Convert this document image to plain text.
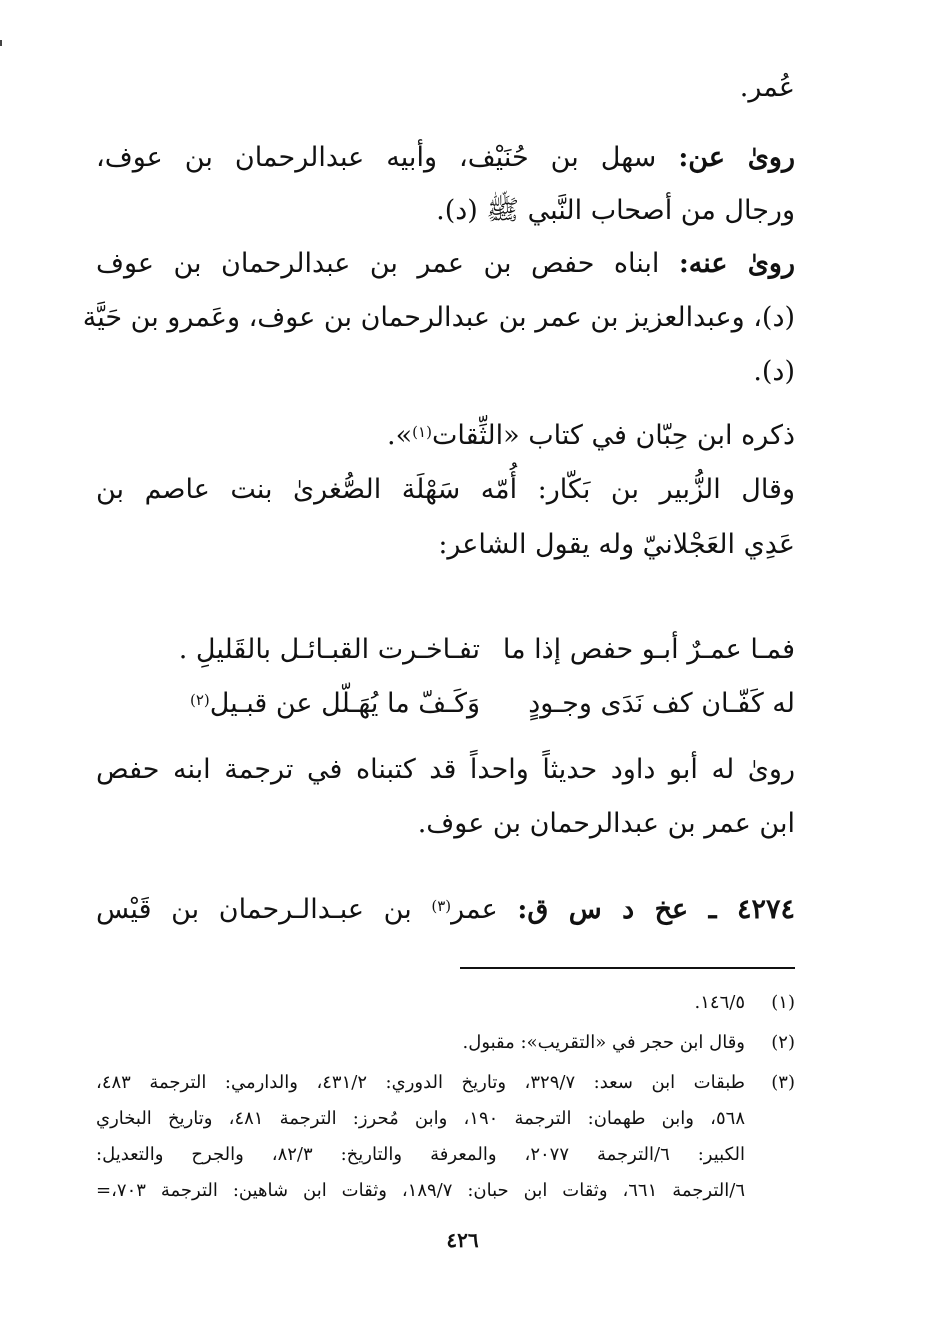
عُمر.
روىٰ عن: سهل بن حُنَيْف، وأبيه عبدالرحمان بن عوف،
ورجال من أصحاب النَّبي ﷺ (د).
روىٰ عنه: ابناه حفص بن عمر بن عبدالرحمان بن عوف
(د)، وعبدالعزيز بن عمر بن عبدالرحمان بن عوف، وعَمرو بن حَيَّة
(د).
ذكره ابن حِبّان في كتاب «الثِّقات$^{(١)}$».
وقال الزُّبير بن بَكّار: أُمّه سَهْلَة الصُّغرىٰ بنت عاصم بن
عَدِي العَجْلانيّ وله يقول الشاعر:
فمـا عمـرٌ أبـو حفص إذا ما
تفـاخـرت القبـائـل بالقَليلِ .
له كَفّـان كف نَدَى وجـودٍ
وَكَـفّ ما يُهَـلّل عن قبـيل$^{(٢)}$
روىٰ له أبو داود حديثاً واحداً قد كتبناه في ترجمة ابنه حفص
ابن عمر بن عبدالرحمان بن عوف.
٤٢٧٤ ـ عخ د س ق: عمر$^{(٣)}$ بن عبـدالـرحمان بن قَيْس
(١)
١٤٦/٥.
(٢)
وقال ابن حجر في «التقريب»: مقبول.
(٣)
طبقات ابن سعد: ٣٢٩/٧، وتاريخ الدوري: ٤٣١/٢، والدارمي: الترجمة ٤٨٣،
٥٦٨، وابن طهمان: الترجمة ١٩٠، وابن مُحرز: الترجمة ٤٨١، وتاريخ البخاري
الكبير: ٦/الترجمة ٢٠٧٧، والمعرفة والتاريخ: ٨٢/٣، والجرح والتعديل:
٦/الترجمة ٦٦١، وثقات ابن حبان: ١٨٩/٧، وثقات ابن شاهين: الترجمة ٧٠٣،=
٤٢٦
